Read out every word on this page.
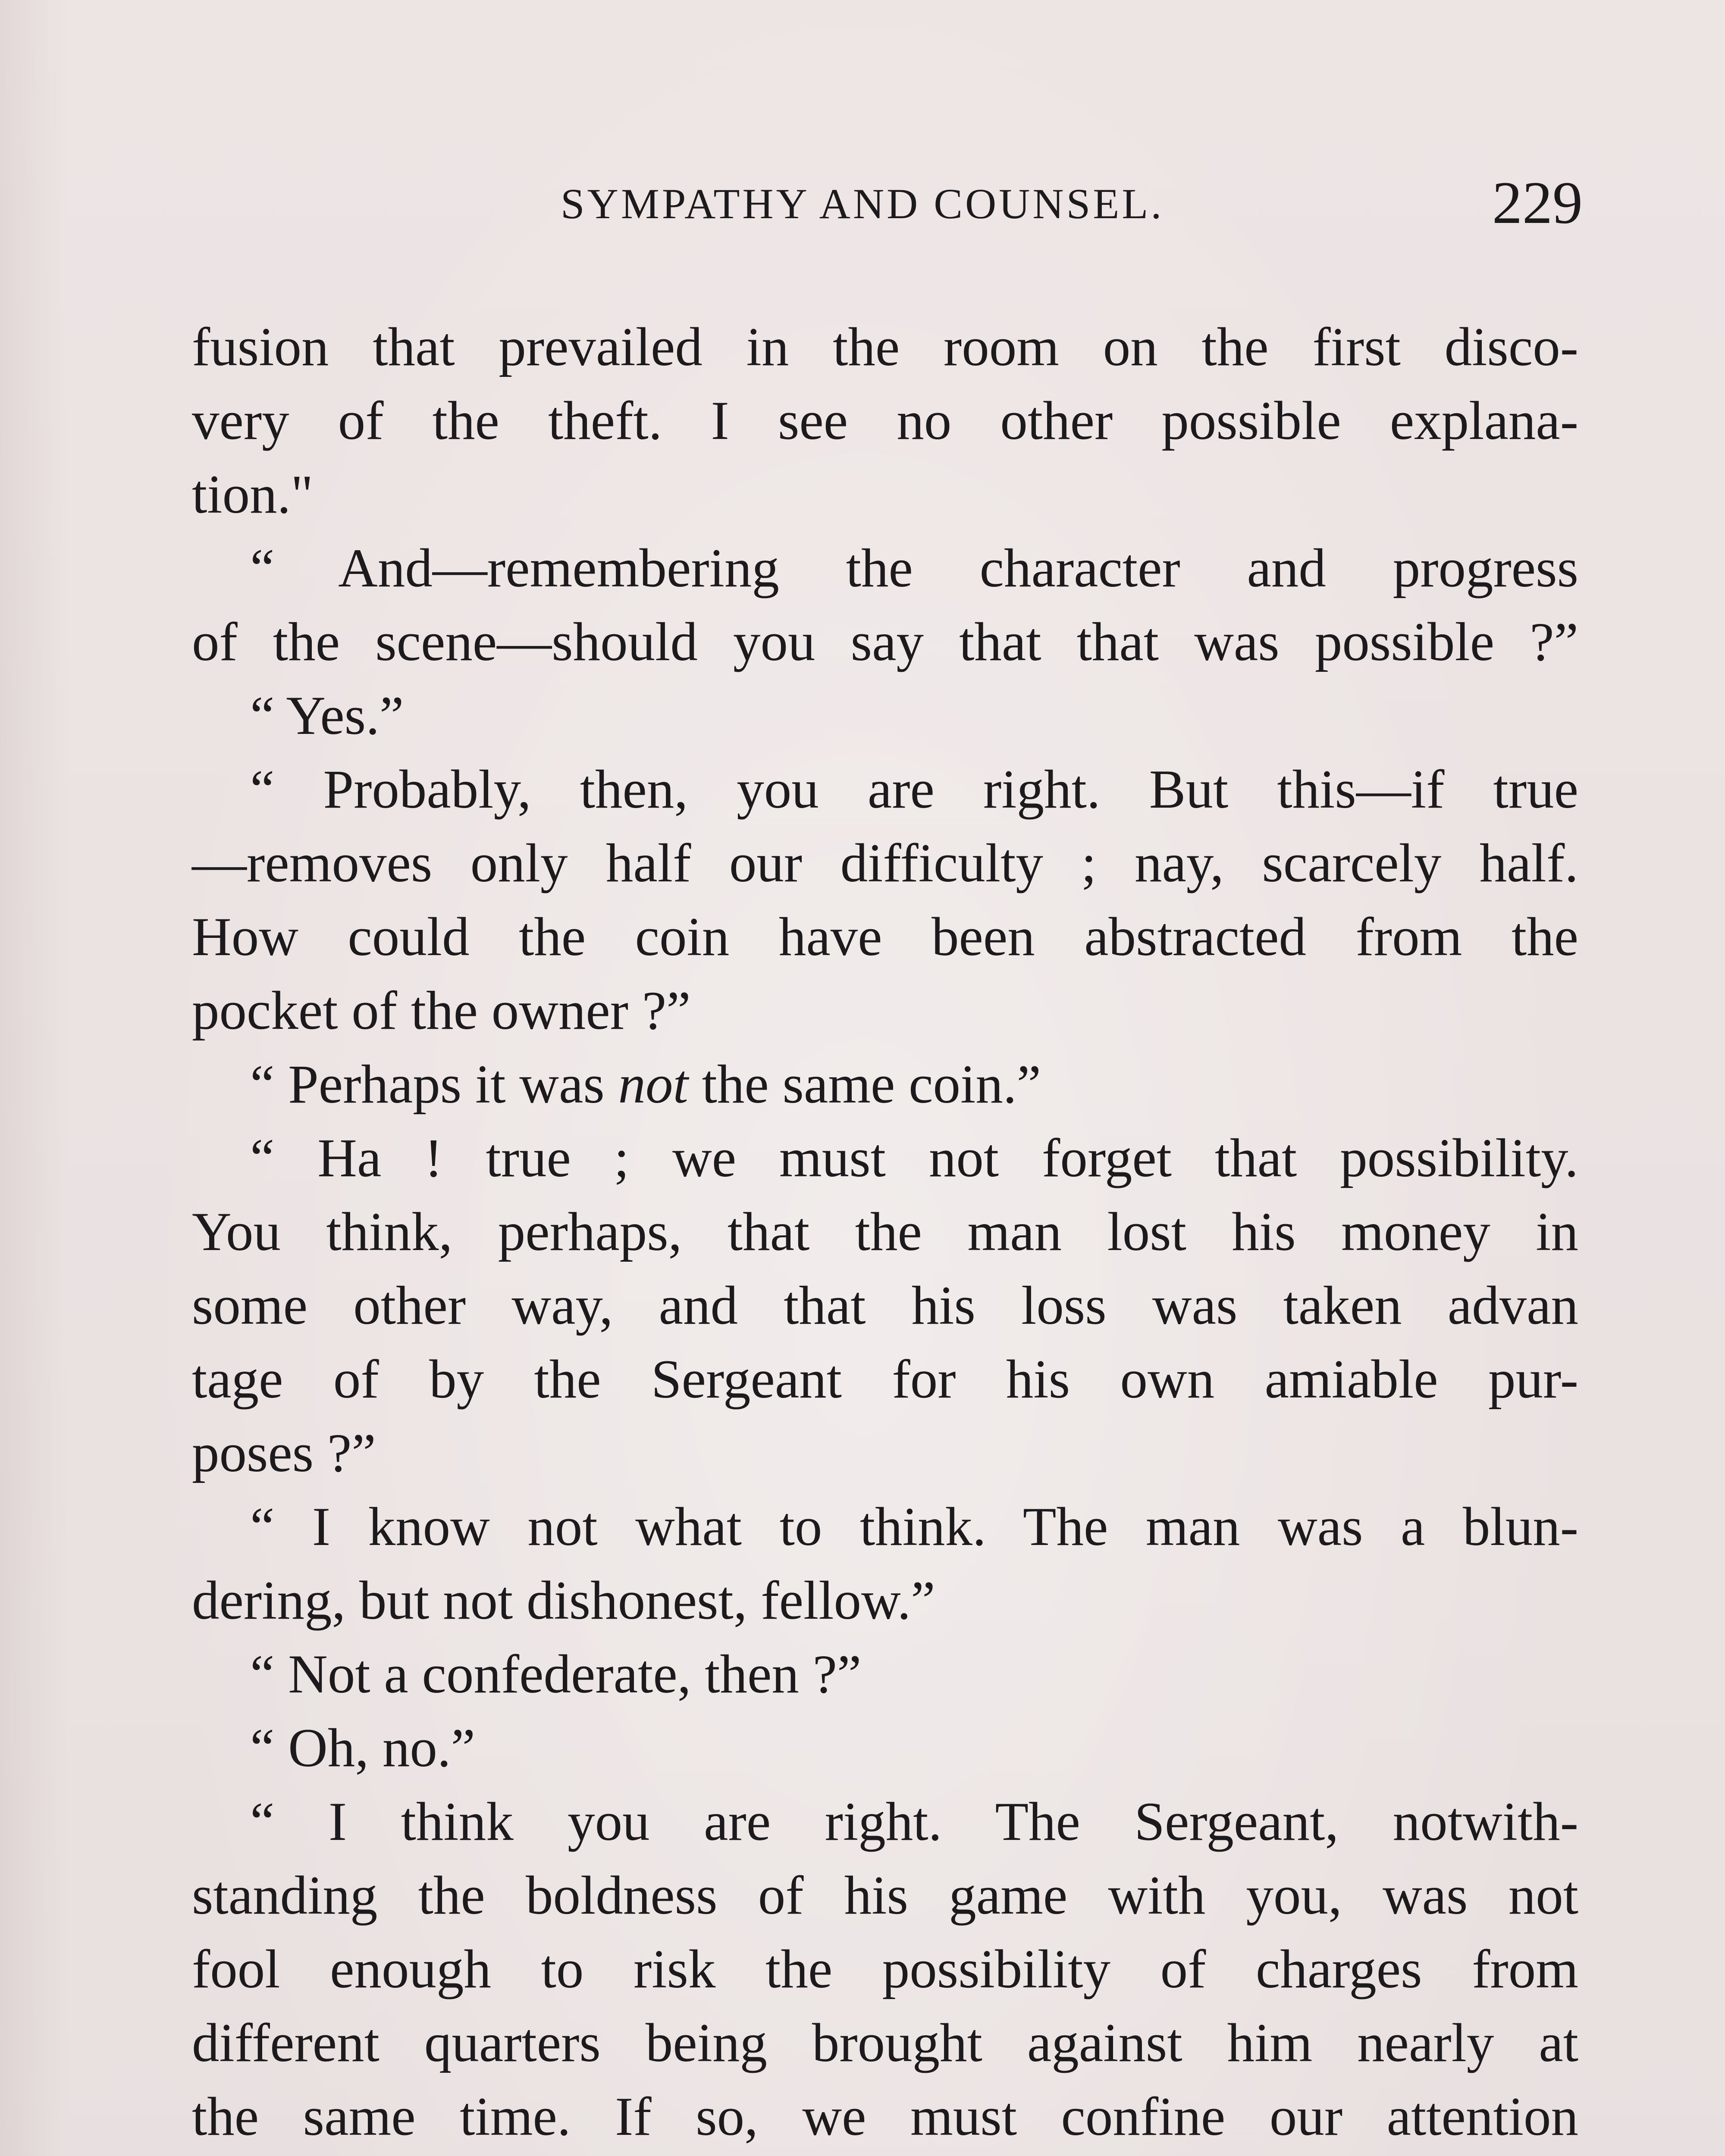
SYMPATHY AND COUNSEL.	229
fusion that prevailed in the room on the first disco-
very of the theft. I see no other possible explana-
tion."
“ And—remembering the character and progress
of the scene—should you say that that was possible ?”
“ Yes.”
“ Probably, then, you are right. But this—if true
—removes only half our difficulty ; nay, scarcely half.
How could the coin have been abstracted from the
pocket of the owner ?”
“ Perhaps it was not the same coin.”
“ Ha ! true ; we must not forget that possibility.
You think, perhaps, that the man lost his money in
some other way, and that his loss was taken advan
tage of by the Sergeant for his own amiable pur-
poses ?”
“ I know not what to think. The man was a blun-
dering, but not dishonest, fellow.”
“ Not a confederate, then ?”
“ Oh, no.”
“ I think you are right. The Sergeant, notwith-
standing the boldness of his game with you, was not
fool enough to risk the possibility of charges from
different quarters being brought against him nearly at
the same time. If so, we must confine our attention
